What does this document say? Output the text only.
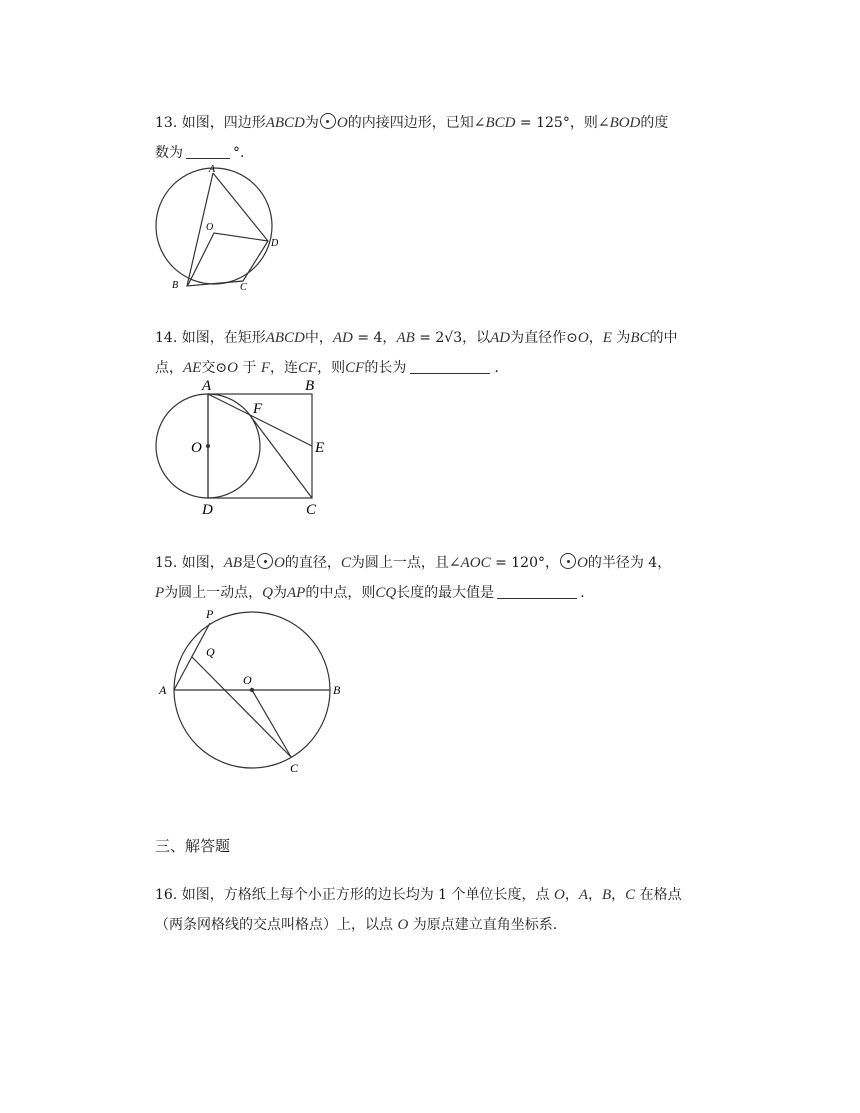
13. 如图，四边形ABCD为 O的内接四边形，已知∠BCD = 125°，则∠BOD的度
数为	°.
A
O
D
B	C
14. 如图，在矩形ABCD中，AD = 4，AB = 2√3，以AD为直径作⊙O，E 为BC的中
点，AE交⊙O 于 F，连CF，则CF的长为	.
A	B
F
O	E
D	C
15. 如图，AB是 O的直径，C为圆上一点，且∠AOC = 120°， O的半径为 4，
P为圆上一动点，Q为AP的中点，则CQ长度的最大值是	.
P
Q
A
O
B
C
三、解答题
16. 如图，方格纸上每个小正方形的边长均为 1 个单位长度，点 O，A，B，C 在格点
（两条网格线的交点叫格点）上，以点 O 为原点建立直角坐标系.
